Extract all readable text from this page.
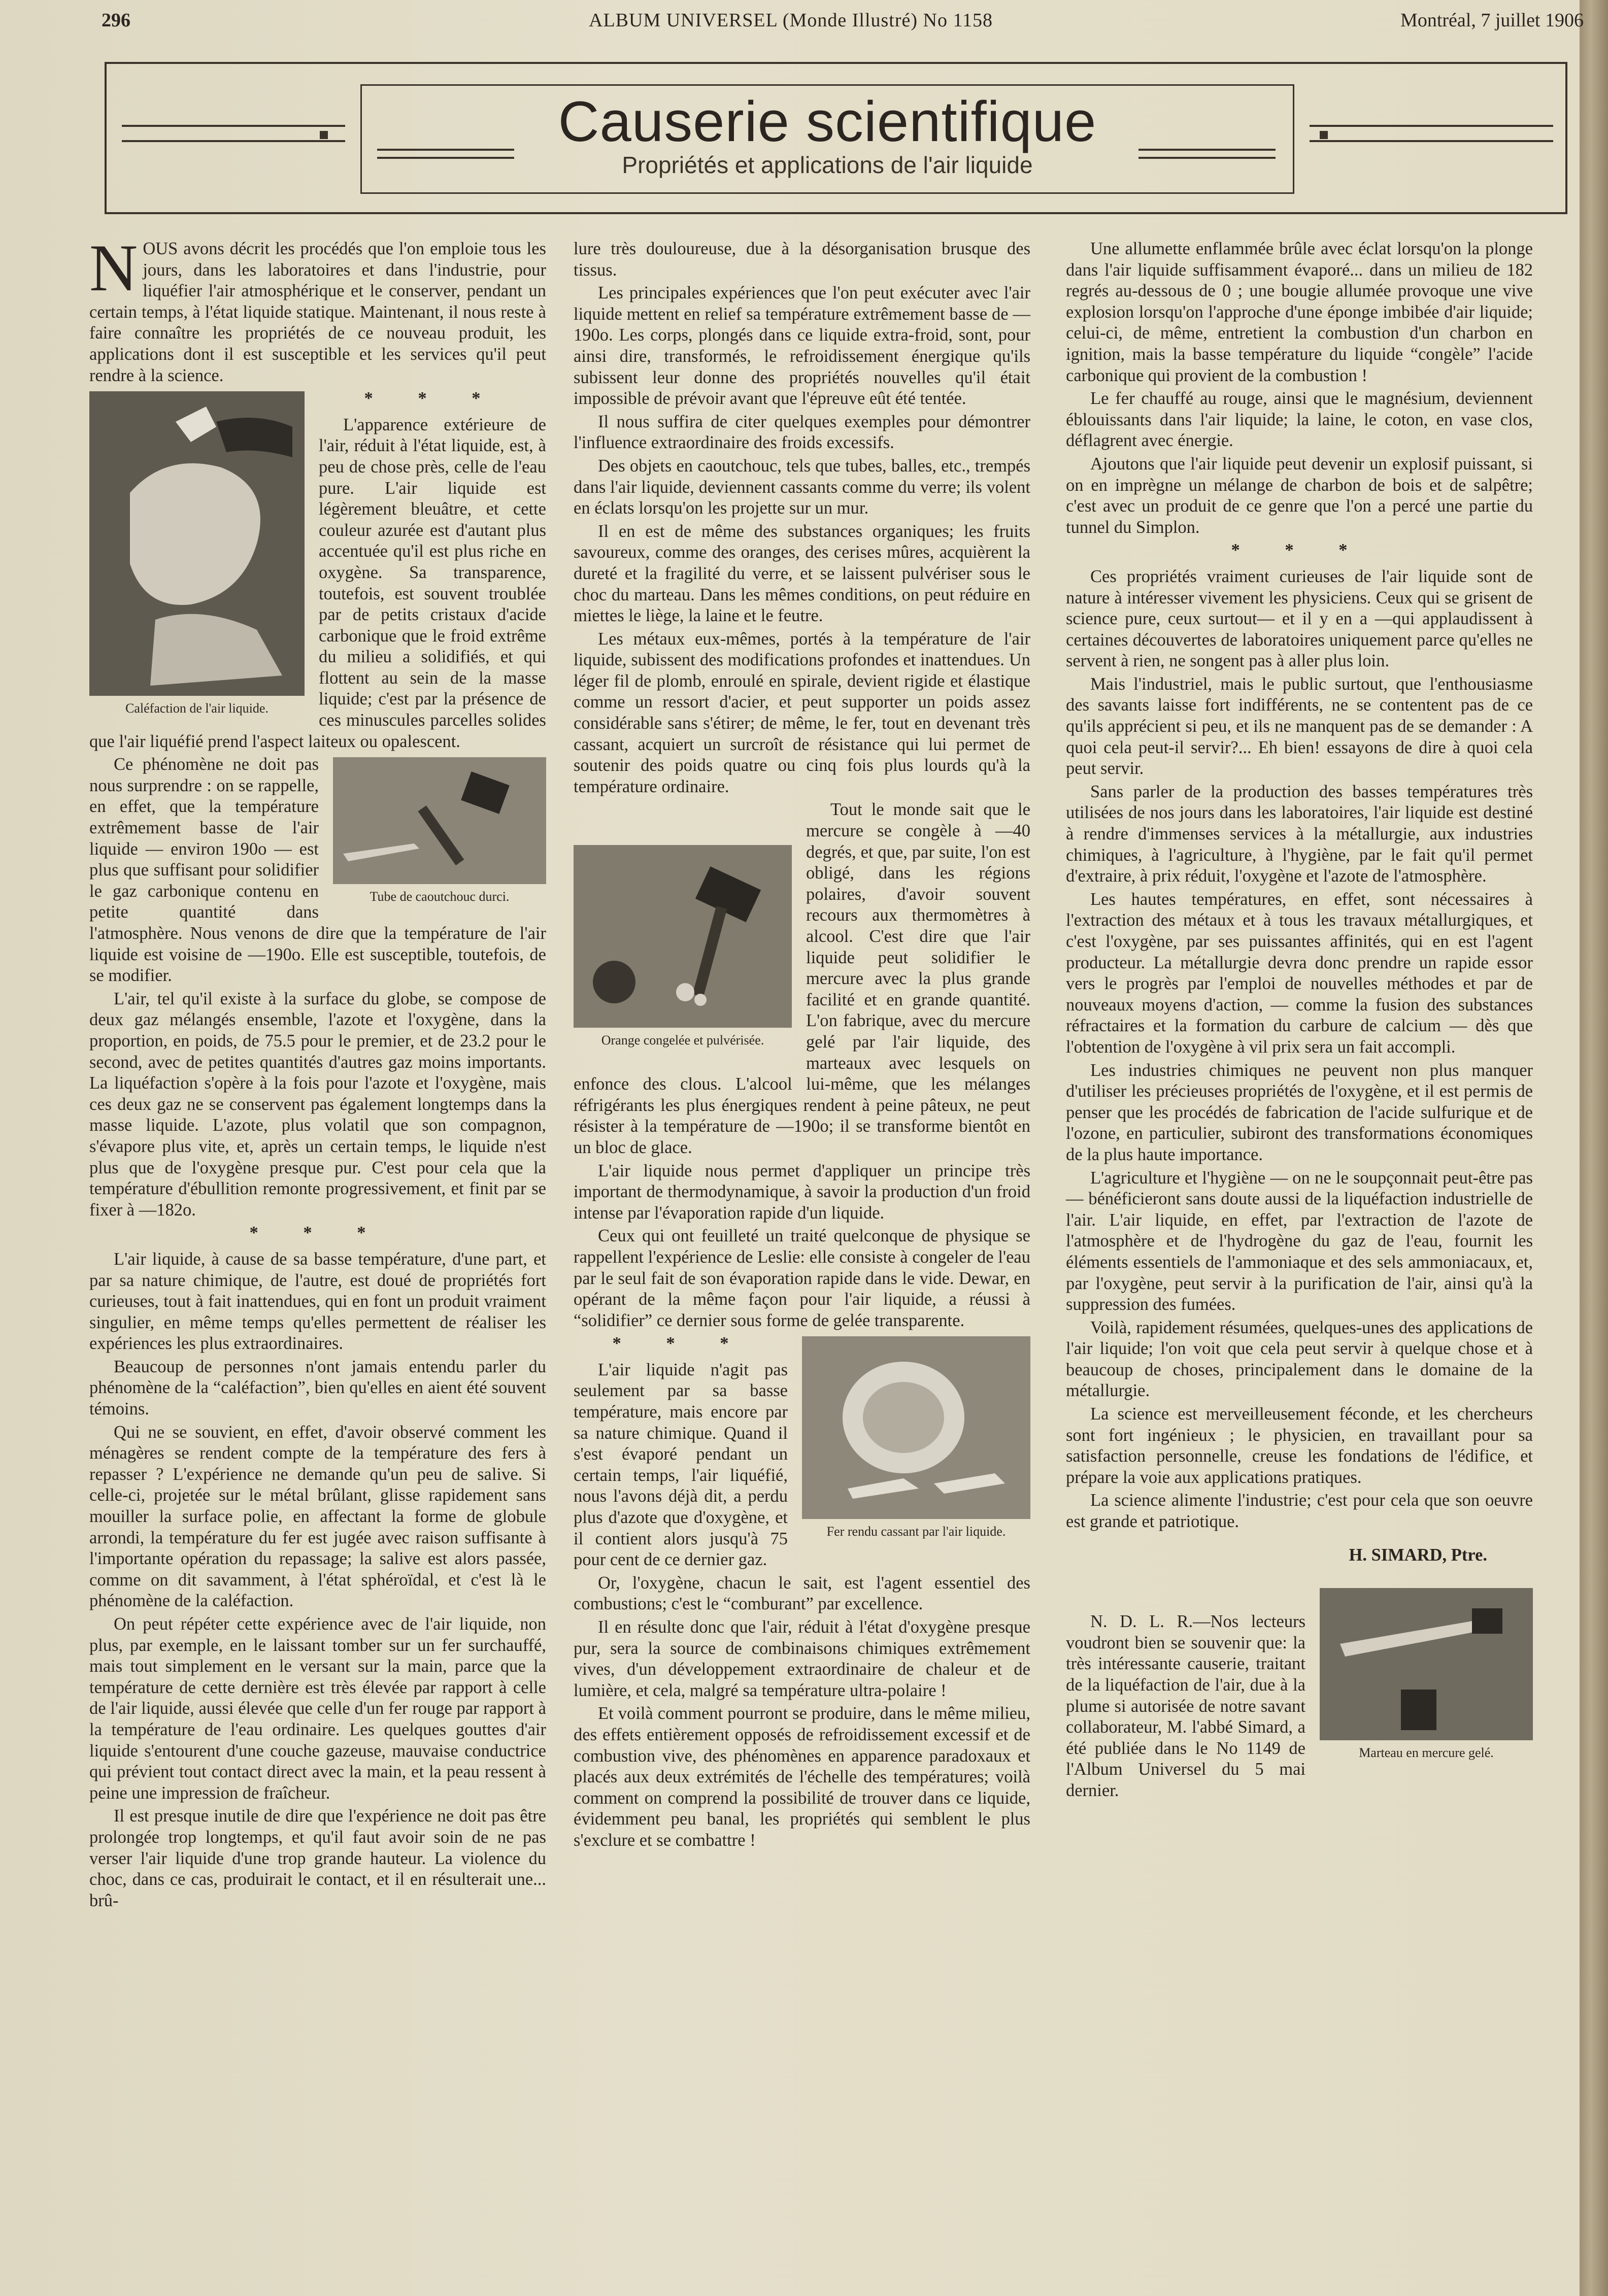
296	ALBUM UNIVERSEL (Monde Illustré) No 1158	Montréal, 7 juillet 1906
Causerie scientifique
Propriétés et applications de l'air liquide

NOUS avons décrit les procédés que l'on emploie tous les jours, dans les laboratoires et dans l'industrie, pour liquéfier l'air atmosphérique et le conserver, pendant un certain temps, à l'état liquide statique. Maintenant, il nous reste à faire connaître les propriétés de ce nouveau produit, les applications dont il est susceptible et les services qu'il peut rendre à la science.

Caléfaction de l'air liquide.
* * *

L'apparence extérieure de l'air, réduit à l'état liquide, est, à peu de chose près, celle de l'eau pure. L'air liquide est légèrement bleuâtre, et cette couleur azurée est d'autant plus accentuée qu'il est plus riche en oxygène. Sa transparence, toutefois, est souvent troublée par de petits cristaux d'acide carbonique que le froid extrême du milieu a solidifiés, et qui flottent au sein de la masse liquide; c'est par la présence de ces minuscules parcelles solides que l'air liquéfié prend l'aspect laiteux ou opalescent.

Tube de caoutchouc durci.

Ce phénomène ne doit pas nous surprendre : on se rappelle, en effet, que la température extrêmement basse de l'air liquide — environ 190o — est plus que suffisant pour solidifier le gaz carbonique contenu en petite quantité dans l'atmosphère. Nous venons de dire que la température de l'air liquide est voisine de —190o. Elle est susceptible, toutefois, de se modifier.

L'air, tel qu'il existe à la surface du globe, se compose de deux gaz mélangés ensemble, l'azote et l'oxygène, dans la proportion, en poids, de 75.5 pour le premier, et de 23.2 pour le second, avec de petites quantités d'autres gaz moins importants. La liquéfaction s'opère à la fois pour l'azote et l'oxygène, mais ces deux gaz ne se conservent pas également longtemps dans la masse liquide. L'azote, plus volatil que son compagnon, s'évapore plus vite, et, après un certain temps, le liquide n'est plus que de l'oxygène presque pur. C'est pour cela que la température d'ébullition remonte progressivement, et finit par se fixer à —182o.

* * *

L'air liquide, à cause de sa basse température, d'une part, et par sa nature chimique, de l'autre, est doué de propriétés fort curieuses, tout à fait inattendues, qui en font un produit vraiment singulier, en même temps qu'elles permettent de réaliser les expériences les plus extraordinaires.

Beaucoup de personnes n'ont jamais entendu parler du phénomène de la “caléfaction”, bien qu'elles en aient été souvent témoins.

Qui ne se souvient, en effet, d'avoir observé comment les ménagères se rendent compte de la température des fers à repasser ? L'expérience ne demande qu'un peu de salive. Si celle-ci, projetée sur le métal brûlant, glisse rapidement sans mouiller la surface polie, en affectant la forme de globule arrondi, la température du fer est jugée avec raison suffisante à l'importante opération du repassage; la salive est alors passée, comme on dit savamment, à l'état sphéroïdal, et c'est là le phénomène de la caléfaction.

On peut répéter cette expérience avec de l'air liquide, non plus, par exemple, en le laissant tomber sur un fer surchauffé, mais tout simplement en le versant sur la main, parce que la température de cette dernière est très élevée par rapport à celle de l'air liquide, aussi élevée que celle d'un fer rouge par rapport à la température de l'eau ordinaire. Les quelques gouttes d'air liquide s'entourent d'une couche gazeuse, mauvaise conductrice qui prévient tout contact direct avec la main, et la peau ressent à peine une impression de fraîcheur.

Il est presque inutile de dire que l'expérience ne doit pas être prolongée trop longtemps, et qu'il faut avoir soin de ne pas verser l'air liquide d'une trop grande hauteur. La violence du choc, dans ce cas, produirait le contact, et il en résulterait une... brû-

lure très douloureuse, due à la désorganisation brusque des tissus.

Les principales expériences que l'on peut exécuter avec l'air liquide mettent en relief sa température extrêmement basse de —190o. Les corps, plongés dans ce liquide extra-froid, sont, pour ainsi dire, transformés, le refroidissement énergique qu'ils subissent leur donne des propriétés nouvelles qu'il était impossible de prévoir avant que l'épreuve eût été tentée.

Il nous suffira de citer quelques exemples pour démontrer l'influence extraordinaire des froids excessifs.

Des objets en caoutchouc, tels que tubes, balles, etc., trempés dans l'air liquide, deviennent cassants comme du verre; ils volent en éclats lorsqu'on les projette sur un mur.

Il en est de même des substances organiques; les fruits savoureux, comme des oranges, des cerises mûres, acquièrent la dureté et la fragilité du verre, et se laissent pulvériser sous le choc du marteau. Dans les mêmes conditions, on peut réduire en miettes le liège, la laine et le feutre.

Les métaux eux-mêmes, portés à la température de l'air liquide, subissent des modifications profondes et inattendues. Un léger fil de plomb, enroulé en spirale, devient rigide et élastique comme un ressort d'acier, et peut supporter un poids assez considérable sans s'étirer; de même, le fer, tout en devenant très cassant, acquiert un surcroît de résistance qui lui permet de soutenir des poids quatre ou cinq fois plus lourds qu'à la température ordinaire.

Orange congelée et pulvérisée.

Tout le monde sait que le mercure se congèle à —40 degrés, et que, par suite, l'on est obligé, dans les régions polaires, d'avoir souvent recours aux thermomètres à alcool. C'est dire que l'air liquide peut solidifier le mercure avec la plus grande facilité et en grande quantité. L'on fabrique, avec du mercure gelé par l'air liquide, des marteaux avec lesquels on enfonce des clous. L'alcool lui-même, que les mélanges réfrigérants les plus énergiques rendent à peine pâteux, ne peut résister à la température de —190o; il se transforme bientôt en un bloc de glace.

L'air liquide nous permet d'appliquer un principe très important de thermodynamique, à savoir la production d'un froid intense par l'évaporation rapide d'un liquide.

Ceux qui ont feuilleté un traité quelconque de physique se rappellent l'expérience de Leslie: elle consiste à congeler de l'eau par le seul fait de son évaporation rapide dans le vide. Dewar, en opérant de la même façon pour l'air liquide, a réussi à “solidifier” ce dernier sous forme de gelée transparente.

Fer rendu cassant par l'air liquide.
* * *

L'air liquide n'agit pas seulement par sa basse température, mais encore par sa nature chimique. Quand il s'est évaporé pendant un certain temps, l'air liquéfié, nous l'avons déjà dit, a perdu plus d'azote que d'oxygène, et il contient alors jusqu'à 75 pour cent de ce dernier gaz.

Or, l'oxygène, chacun le sait, est l'agent essentiel des combustions; c'est le “comburant” par excellence.

Il en résulte donc que l'air, réduit à l'état d'oxygène presque pur, sera la source de combinaisons chimiques extrêmement vives, d'un développement extraordinaire de chaleur et de lumière, et cela, malgré sa température ultra-polaire !

Et voilà comment pourront se produire, dans le même milieu, des effets entièrement opposés de refroidissement excessif et de combustion vive, des phénomènes en apparence paradoxaux et placés aux deux extrémités de l'échelle des températures; voilà comment on comprend la possibilité de trouver dans ce liquide, évidemment peu banal, les propriétés qui semblent le plus s'exclure et se combattre !

Une allumette enflammée brûle avec éclat lorsqu'on la plonge dans l'air liquide suffisamment évaporé... dans un milieu de 182 regrés au-dessous de 0 ; une bougie allumée provoque une vive explosion lorsqu'on l'approche d'une éponge imbibée d'air liquide; celui-ci, de même, entretient la combustion d'un charbon en ignition, mais la basse température du liquide “congèle” l'acide carbonique qui provient de la combustion !

Le fer chauffé au rouge, ainsi que le magnésium, deviennent éblouissants dans l'air liquide; la laine, le coton, en vase clos, déflagrent avec énergie.

Ajoutons que l'air liquide peut devenir un explosif puissant, si on en imprègne un mélange de charbon de bois et de salpêtre; c'est avec un produit de ce genre que l'on a percé une partie du tunnel du Simplon.

* * *

Ces propriétés vraiment curieuses de l'air liquide sont de nature à intéresser vivement les physiciens. Ceux qui se grisent de science pure, ceux surtout— et il y en a —qui applaudissent à certaines découvertes de laboratoires uniquement parce qu'elles ne servent à rien, ne songent pas à aller plus loin.

Mais l'industriel, mais le public surtout, que l'enthousiasme des savants laisse fort indifférents, ne se contentent pas de ce qu'ils apprécient si peu, et ils ne manquent pas de se demander : A quoi cela peut-il servir?... Eh bien! essayons de dire à quoi cela peut servir.

Sans parler de la production des basses températures très utilisées de nos jours dans les laboratoires, l'air liquide est destiné à rendre d'immenses services à la métallurgie, aux industries chimiques, à l'agriculture, à l'hygiène, par le fait qu'il permet d'extraire, à prix réduit, l'oxygène et l'azote de l'atmosphère.

Les hautes températures, en effet, sont nécessaires à l'extraction des métaux et à tous les travaux métallurgiques, et c'est l'oxygène, par ses puissantes affinités, qui en est l'agent producteur. La métallurgie devra donc prendre un rapide essor vers le progrès par l'emploi de nouvelles méthodes et par de nouveaux moyens d'action, — comme la fusion des substances réfractaires et la formation du carbure de calcium — dès que l'obtention de l'oxygène à vil prix sera un fait accompli.

Les industries chimiques ne peuvent non plus manquer d'utiliser les précieuses propriétés de l'oxygène, et il est permis de penser que les procédés de fabrication de l'acide sulfurique et de l'ozone, en particulier, subiront des transformations économiques de la plus haute importance.

L'agriculture et l'hygiène — on ne le soupçonnait peut-être pas — bénéficieront sans doute aussi de la liquéfaction industrielle de l'air. L'air liquide, en effet, par l'extraction de l'azote de l'atmosphère et de l'hydrogène du gaz de l'eau, fournit les éléments essentiels de l'ammoniaque et des sels ammoniacaux, et, par l'oxygène, peut servir à la purification de l'air, ainsi qu'à la suppression des fumées.

Voilà, rapidement résumées, quelques-unes des applications de l'air liquide; l'on voit que cela peut servir à quelque chose et à beaucoup de choses, principalement dans le domaine de la métallurgie.

La science est merveilleusement féconde, et les chercheurs sont fort ingénieux ; le physicien, en travaillant pour sa satisfaction personnelle, creuse les fondations de l'édifice, et prépare la voie aux applications pratiques.

La science alimente l'industrie; c'est pour cela que son oeuvre est grande et patriotique.

H. SIMARD, Ptre.

Marteau en mercure gelé.

N. D. L. R.—Nos lecteurs voudront bien se souvenir que: la très intéressante causerie, traitant de la liquéfaction de l'air, due à la plume si autorisée de notre savant collaborateur, M. l'abbé Simard, a été publiée dans le No 1149 de l'Album Universel du 5 mai dernier.
